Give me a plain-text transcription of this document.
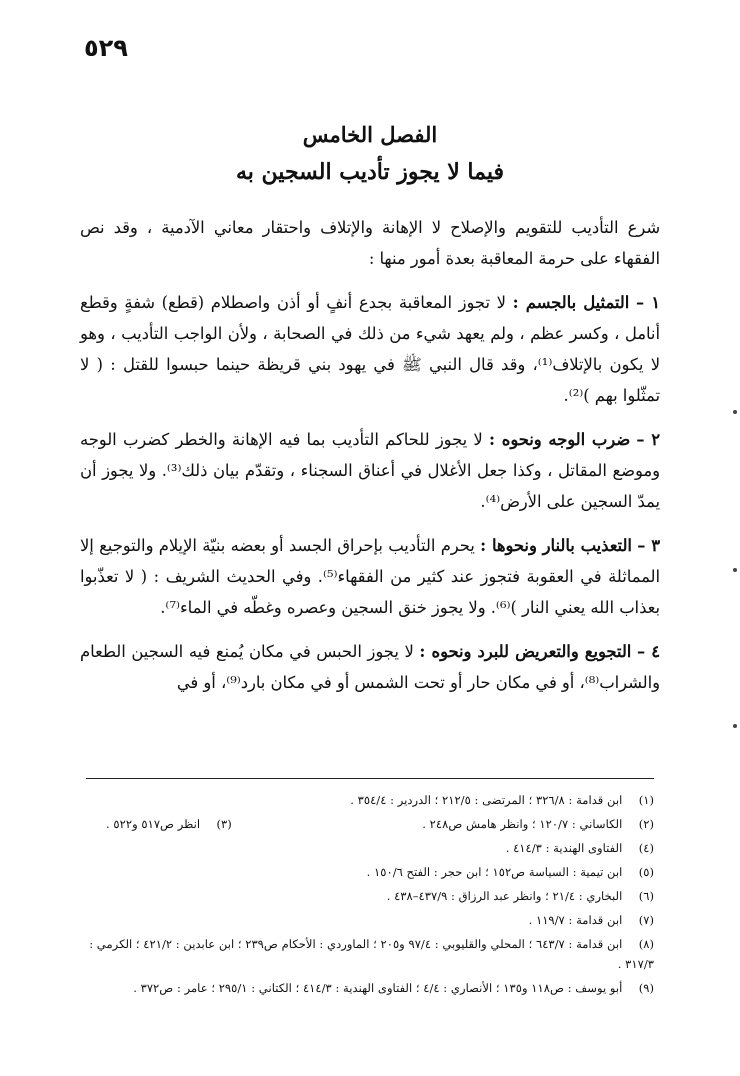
٥٢٩
الفصل الخامس
فيما لا يجوز تأديب السجين به

شرع التأديب للتقويم والإصلاح لا الإهانة والإتلاف واحتقار معاني الآدمية ، وقد نص الفقهاء على حرمة المعاقبة بعدة أمور منها :

١ – التمثيل بالجسم : لا تجوز المعاقبة بجدع أنفٍ أو أذن واصطلام (قطع) شفةٍ وقطع أنامل ، وكسر عظم ، ولم يعهد شيء من ذلك في الصحابة ، ولأن الواجب التأديب ، وهو لا يكون بالإتلاف⁽¹⁾، وقد قال النبي ﷺ في يهود بني قريظة حينما حبسوا للقتل : ( لا تمثّلوا بهم )⁽²⁾.

٢ – ضرب الوجه ونحوه : لا يجوز للحاكم التأديب بما فيه الإهانة والخطر كضرب الوجه وموضع المقاتل ، وكذا جعل الأغلال في أعناق السجناء ، وتقدّم بيان ذلك⁽³⁾. ولا يجوز أن يمدّ السجين على الأرض⁽⁴⁾.

٣ – التعذيب بالنار ونحوها : يحرم التأديب بإحراق الجسد أو بعضه بنيّة الإيلام والتوجيع إلا المماثلة في العقوبة فتجوز عند كثير من الفقهاء⁽⁵⁾. وفي الحديث الشريف : ( لا تعذّبوا بعذاب الله يعني النار )⁽⁶⁾. ولا يجوز خنق السجين وعصره وغطّه في الماء⁽⁷⁾.

٤ – التجويع والتعريض للبرد ونحوه : لا يجوز الحبس في مكان يُمنع فيه السجين الطعام والشراب⁽⁸⁾، أو في مكان حار أو تحت الشمس أو في مكان بارد⁽⁹⁾، أو في

(١) ابن قدامة : ٣٢٦/٨ ؛ المرتضى : ٢١٢/٥ ؛ الدردير : ٣٥٤/٤ .
(٢) الكاساني : ١٢٠/٧ ؛ وانظر هامش ص٢٤٨ .
(٣) انظر ص٥١٧ و٥٢٢ .
(٤) الفتاوى الهندية : ٤١٤/٣ .
(٥) ابن تيمية : السياسة ص١٥٢ ؛ ابن حجر : الفتح ١٥٠/٦ .
(٦) البخاري : ٢١/٤ ؛ وانظر عبد الرزاق : ٤٣٧/٩–٤٣٨ .
(٧) ابن قدامة : ١١٩/٧ .
(٨) ابن قدامة : ٦٤٣/٧ ؛ المحلي والقليوبي : ٩٧/٤ و٢٠٥ ؛ الماوردي : الأحكام ص٢٣٩ ؛ ابن عابدين : ٤٢١/٢ ؛ الكرمي : ٣١٧/٣ .
(٩) أبو يوسف : ص١١٨ و١٣٥ ؛ الأنصاري : ٤/٤ ؛ الفتاوى الهندية : ٤١٤/٣ ؛ الكتاني : ٢٩٥/١ ؛ عامر : ص٣٧٢ .
